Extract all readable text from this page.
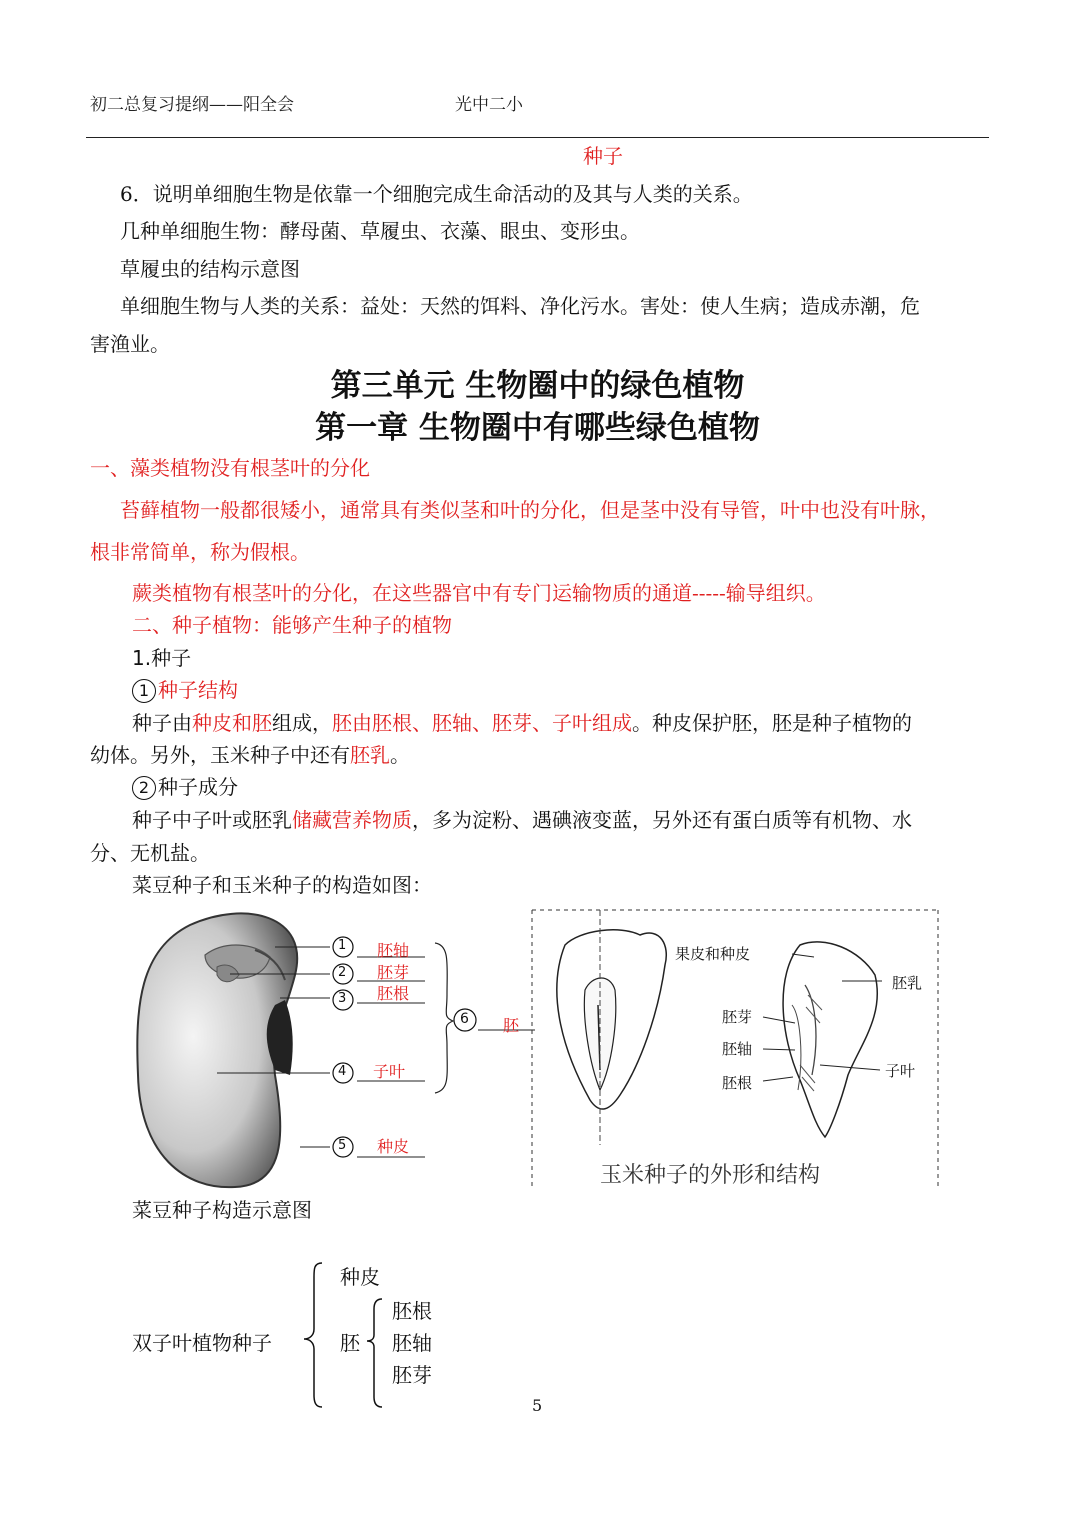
初二总复习提纲——阳全会	光中二小
种子
6．说明单细胞生物是依靠一个细胞完成生命活动的及其与人类的关系。
几种单细胞生物：酵母菌、草履虫、衣藻、眼虫、变形虫。
草履虫的结构示意图
单细胞生物与人类的关系：益处：天然的饵料、净化污水。害处：使人生病；造成赤潮，危
害渔业。
第三单元 生物圈中的绿色植物
第一章 生物圈中有哪些绿色植物
一、藻类植物没有根茎叶的分化
苔藓植物一般都很矮小，通常具有类似茎和叶的分化，但是茎中没有导管，叶中也没有叶脉，
根非常简单，称为假根。
蕨类植物有根茎叶的分化，在这些器官中有专门运输物质的通道-----输导组织。
二、种子植物：能够产生种子的植物
1.种子
1 种子结构
种子由种皮和胚组成，胚由胚根、胚轴、胚芽、子叶组成。种皮保护胚，胚是种子植物的
幼体。另外，玉米种子中还有胚乳。
2 种子成分
种子中子叶或胚乳储藏营养物质，多为淀粉、遇碘液变蓝，另外还有蛋白质等有机物、水
分、无机盐。
菜豆种子和玉米种子的构造如图：
1
2
3
4
5
6
胚轴
胚芽
胚根
子叶
种皮
胚
果皮和种皮
胚乳
胚芽
胚轴
胚根
子叶
玉米种子的外形和结构
菜豆种子构造示意图
双子叶植物种子
种皮
胚
胚根
胚轴
胚芽
5
